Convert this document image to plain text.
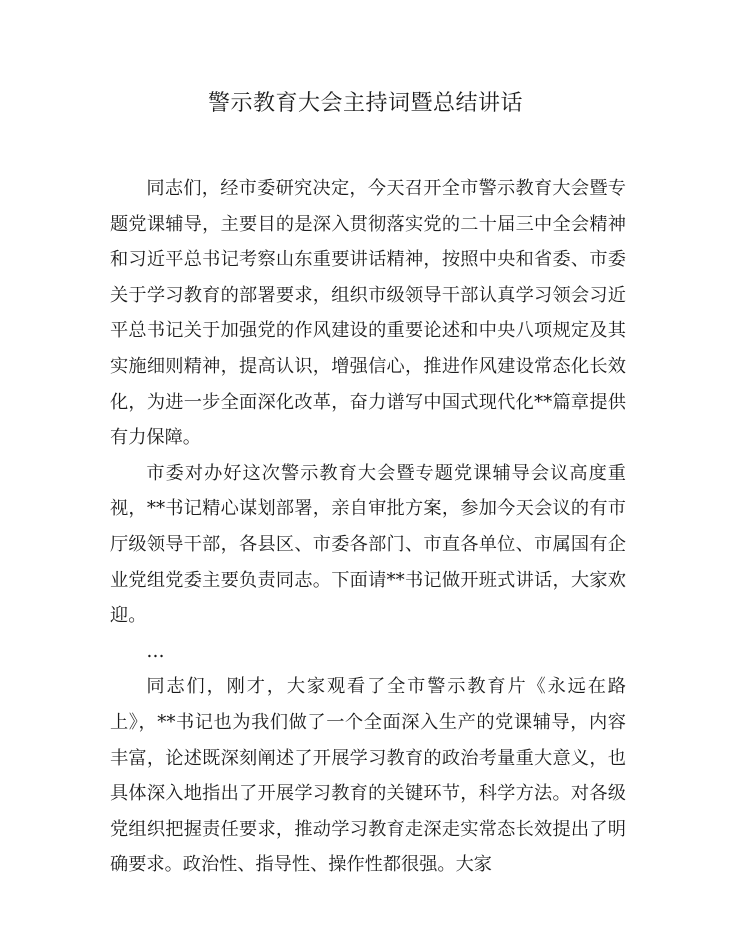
警示教育大会主持词暨总结讲话

同志们，经市委研究决定，今天召开全市警示教育大会暨专题党课辅导，主要目的是深入贯彻落实党的二十届三中全会精神和习近平总书记考察山东重要讲话精神，按照中央和省委、市委关于学习教育的部署要求，组织市级领导干部认真学习领会习近平总书记关于加强党的作风建设的重要论述和中央八项规定及其实施细则精神，提高认识，增强信心，推进作风建设常态化长效化，为进一步全面深化改革，奋力谱写中国式现代化**篇章提供有力保障。

市委对办好这次警示教育大会暨专题党课辅导会议高度重视，**书记精心谋划部署，亲自审批方案，参加今天会议的有市厅级领导干部，各县区、市委各部门、市直各单位、市属国有企业党组党委主要负责同志。下面请**书记做开班式讲话，大家欢迎。

…

同志们，刚才，大家观看了全市警示教育片《永远在路上》，**书记也为我们做了一个全面深入生产的党课辅导，内容丰富，论述既深刻阐述了开展学习教育的政治考量重大意义，也具体深入地指出了开展学习教育的关键环节，科学方法。对各级党组织把握责任要求，推动学习教育走深走实常态长效提出了明确要求。政治性、指导性、操作性都很强。大家
